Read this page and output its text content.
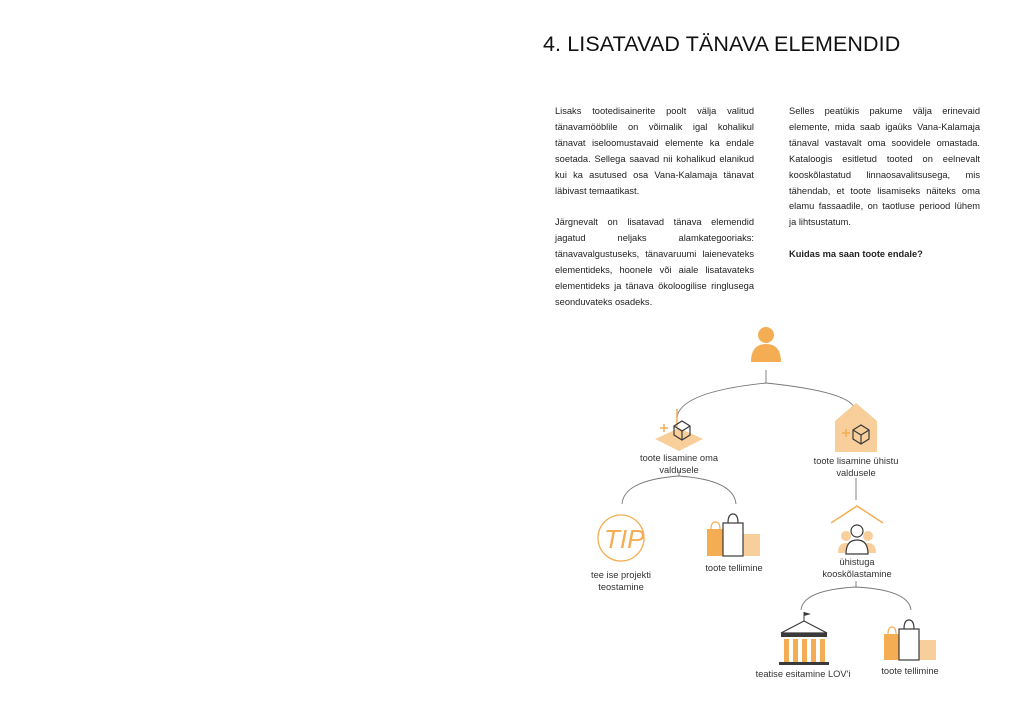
4. LISATAVAD TÄNAVA ELEMENDID

Lisaks tootedisainerite poolt välja valitud tänavamööblile on võimalik igal kohalikul tänavat iseloomustavaid elemente ka endale soetada. Sellega saavad nii kohalikud elanikud kui ka asutused osa Vana-Kalamaja tänavat läbivast temaatikast.

Järgnevalt on lisatavad tänava elemendid jagatud neljaks alamkategooriaks: tänavavalgustuseks, tänavaruumi laienevateks elementideks, hoonele või aiale lisatavateks elementideks ja tänava ökoloogilise ringlusega seonduvateks osadeks.

Selles peatükis pakume välja erinevaid elemente, mida saab igaüks Vana-Kalamaja tänaval vastavalt oma soovidele omastada. Kataloogis esitletud tooted on eelnevalt kooskõlastatud linnaosavalitsusega, mis tähendab, et toote lisamiseks näiteks oma elamu fassaadile, on taotluse periood lühem ja lihtsustatum.

Kuidas ma saan toote endale?

TIP
toote lisamine oma
valdusele
toote lisamine ühistu
valdusele
tee ise projekti
teostamine
toote tellimine
ühistuga
kooskõlastamine
teatise esitamine LOV'i	toote tellimine
